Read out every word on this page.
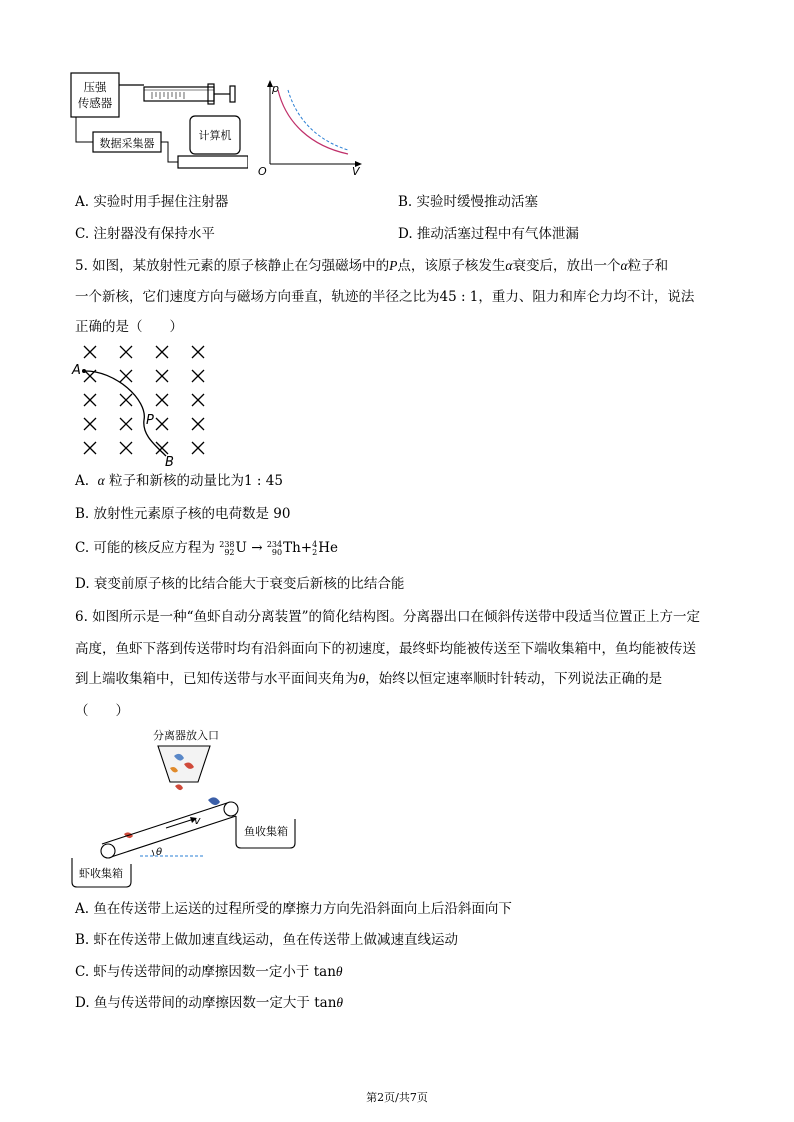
压强
传感器
数据采集器
计算机
p
V
O
A. 实验时用手握住注射器	B. 实验时缓慢推动活塞
C. 注射器没有保持水平	D. 推动活塞过程中有气体泄漏
5. 如图，某放射性元素的原子核静止在匀强磁场中的P点，该原子核发生α衰变后，放出一个α粒子和
一个新核，它们速度方向与磁场方向垂直，轨迹的半径之比为45 : 1，重力、阻力和库仑力均不计，说法
正确的是（　　）
A
P
B
A. α 粒子和新核的动量比为1 : 45
B. 放射性元素原子核的电荷数是 90
C. 可能的核反应方程为 238
92 U → 234
90 Th+ 4
2 He
D. 衰变前原子核的比结合能大于衰变后新核的比结合能
6. 如图所示是一种“鱼虾自动分离装置”的简化结构图。分离器出口在倾斜传送带中段适当位置正上方一定
高度，鱼虾下落到传送带时均有沿斜面向下的初速度，最终虾均能被传送至下端收集箱中，鱼均能被传送
到上端收集箱中，已知传送带与水平面间夹角为θ，始终以恒定速率顺时针转动，下列说法正确的是
（　　）
分离器放入口
v
θ
鱼收集箱
虾收集箱
A. 鱼在传送带上运送的过程所受的摩擦力方向先沿斜面向上后沿斜面向下
B. 虾在传送带上做加速直线运动，鱼在传送带上做减速直线运动
C. 虾与传送带间的动摩擦因数一定小于 tanθ
D. 鱼与传送带间的动摩擦因数一定大于 tanθ
第2页/共7页
